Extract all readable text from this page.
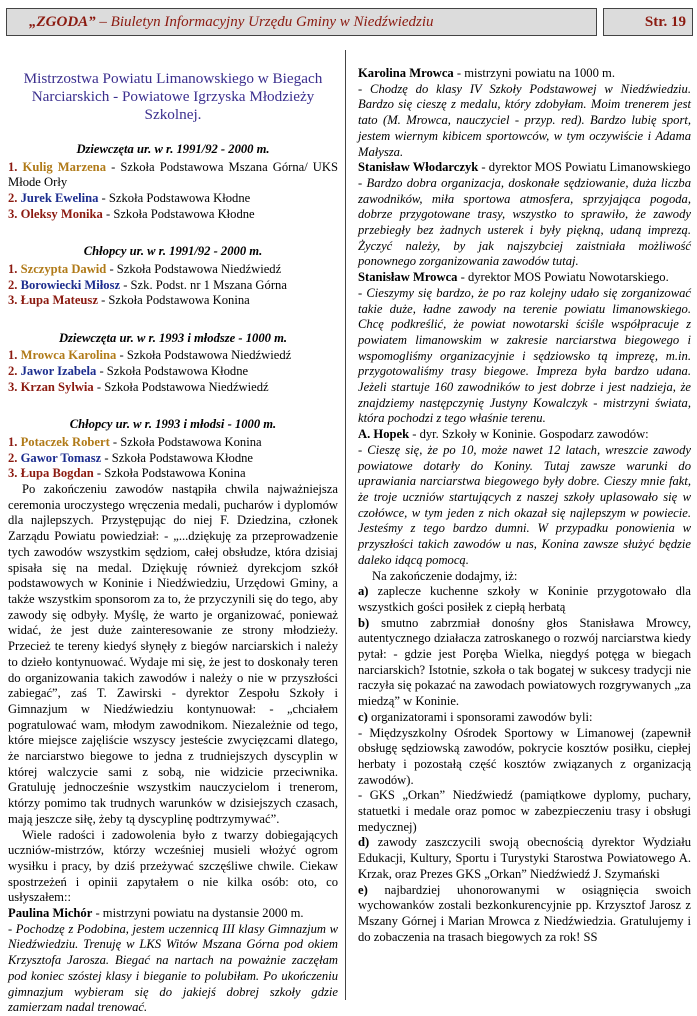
„ZGODA” – Biuletyn Informacyjny Urzędu Gminy w Niedźwiedziu	Str. 19
Mistrzostwa Powiatu Limanowskiego w Biegach Narciarskich - Powiatowe Igrzyska Młodzieży Szkolnej.
Dziewczęta ur. w r. 1991/92 - 2000 m.
1. Kulig Marzena - Szkoła Podstawowa Mszana Górna/ UKS Młode Orły
2. Jurek Ewelina - Szkoła Podstawowa Kłodne
3. Oleksy Monika - Szkoła Podstawowa Kłodne

Chłopcy ur. w r. 1991/92 - 2000 m.
1. Szczypta Dawid - Szkoła Podstawowa Niedźwiedź
2. Borowiecki Miłosz - Szk. Podst. nr 1 Mszana Górna
3. Łupa Mateusz - Szkoła Podstawowa Konina

Dziewczęta ur. w r. 1993 i młodsze - 1000 m.
1. Mrowca Karolina - Szkoła Podstawowa Niedźwiedź
2. Jawor Izabela - Szkoła Podstawowa Kłodne
3. Krzan Sylwia - Szkoła Podstawowa Niedźwiedź

Chłopcy ur. w r. 1993 i młodsi - 1000 m.
1. Potaczek Robert - Szkoła Podstawowa Konina
2. Gawor Tomasz - Szkoła Podstawowa Kłodne
3. Łupa Bogdan - Szkoła Podstawowa Konina

Po zakończeniu zawodów nastąpiła chwila najważniejsza ceremonia uroczystego wręczenia medali, pucharów i dyplomów dla najlepszych. Przystępując do niej F. Dziedzina, członek Zarządu Powiatu powiedział: - „...dziękuję za przeprowadzenie tych zawodów wszystkim sędziom, całej obsłudze, która dzisiaj spisała się na medal. Dziękuję również dyrekcjom szkół podstawowych w Koninie i Niedźwiedziu, Urzędowi Gminy, a także wszystkim sponsorom za to, że przyczynili się do tego, aby zawody się odbyły. Myślę, że warto je organizować, ponieważ widać, że jest duże zainteresowanie ze strony młodzieży. Przecież te tereny kiedyś słynęły z biegów narciarskich i należy to dzieło kontynuować. Wydaje mi się, że jest to doskonały teren do organizowania takich zawodów i należy o nie w przyszłości zabiegać”, zaś T. Zawirski - dyrektor Zespołu Szkoły i Gimnazjum w Niedźwiedziu kontynuował: - „chciałem pogratulować wam, młodym zawodnikom. Niezależnie od tego, które miejsce zajęliście wszyscy jesteście zwycięzcami dlatego, że narciarstwo biegowe to jedna z trudniejszych dyscyplin w której walczycie sami z sobą, nie widzicie przeciwnika. Gratuluję jednocześnie wszystkim nauczycielom i trenerom, którzy pomimo tak trudnych warunków w dzisiejszych czasach, mają jeszcze siłę, żeby tą dyscyplinę podtrzymywać”.

Wiele radości i zadowolenia było z twarzy dobiegających uczniów-mistrzów, którzy wcześniej musieli włożyć ogrom wysiłku i pracy, by dziś przeżywać szczęśliwe chwile. Ciekaw spostrzeżeń i opinii zapytałem o nie kilka osób: oto, co usłyszałem::

Paulina Michór - mistrzyni powiatu na dystansie 2000 m.

- Pochodzę z Podobina, jestem uczennicą III klasy Gimnazjum w Niedźwiedziu. Trenuję w LKS Witów Mszana Górna pod okiem Krzysztofa Jarosza. Biegać na nartach na poważnie zaczęłam pod koniec szóstej klasy i bieganie to polubiłam. Po ukończeniu gimnazjum wybieram się do jakiejś dobrej szkoły gdzie zamierzam nadal trenować.

Karolina Mrowca - mistrzyni powiatu na 1000 m.

- Chodzę do klasy IV Szkoły Podstawowej w Niedźwiedziu. Bardzo się cieszę z medalu, który zdobyłam. Moim trenerem jest tato (M. Mrowca, nauczyciel - przyp. red). Bardzo lubię sport, jestem wiernym kibicem sportowców, w tym oczywiście i Adama Małysza.

Stanisław Włodarczyk - dyrektor MOS Powiatu Limanowskiego

- Bardzo dobra organizacja, doskonałe sędziowanie, duża liczba zawodników, miła sportowa atmosfera, sprzyjająca pogoda, dobrze przygotowane trasy, wszystko to sprawiło, że zawody przebiegły bez żadnych usterek i były piękną, udaną imprezą. Życzyć należy, by jak najszybciej zaistniała możliwość ponownego zorganizowania zawodów tutaj.

Stanisław Mrowca - dyrektor MOS Powiatu Nowotarskiego.

- Cieszymy się bardzo, że po raz kolejny udało się zorganizować takie duże, ładne zawody na terenie powiatu limanowskiego. Chcę podkreślić, że powiat nowotarski ściśle współpracuje z powiatem limanowskim w zakresie narciarstwa biegowego i wspomogliśmy organizacyjnie i sędziowsko tą imprezę, m.in. przygotowaliśmy trasy biegowe. Impreza była bardzo udana. Jeżeli startuje 160 zawodników to jest dobrze i jest nadzieja, że znajdziemy następczynię Justyny Kowalczyk - mistrzyni świata, która pochodzi z tego właśnie terenu.

A. Hopek - dyr. Szkoły w Koninie. Gospodarz zawodów:

- Cieszę się, że po 10, może nawet 12 latach, wreszcie zawody powiatowe dotarły do Koniny. Tutaj zawsze warunki do uprawiania narciarstwa biegowego były dobre. Cieszy mnie fakt, że troje uczniów startujących z naszej szkoły uplasowało się w czołówce, w tym jeden z nich okazał się najlepszym w powiecie. Jesteśmy z tego bardzo dumni. W przypadku ponowienia w przyszłości takich zawodów u nas, Konina zawsze służyć będzie daleko idącą pomocą.

Na zakończenie dodajmy, iż:

a) zaplecze kuchenne szkoły w Koninie przygotowało dla wszystkich gości posiłek z ciepłą herbatą

b) smutno zabrzmiał donośny głos Stanisława Mrowcy, autentycznego działacza zatroskanego o rozwój narciarstwa kiedy pytał: - gdzie jest Poręba Wielka, niegdyś potęga w biegach narciarskich? Istotnie, szkoła o tak bogatej w sukcesy tradycji nie raczyła się pokazać na zawodach powiatowych rozgrywanych „za miedzą” w Koninie.

c) organizatorami i sponsorami zawodów byli:

- Międzyszkolny Ośrodek Sportowy w Limanowej (zapewnił obsługę sędziowską zawodów, pokrycie kosztów posiłku, ciepłej herbaty i pozostałą część kosztów związanych z organizacją zawodów).

- GKS „Orkan” Niedźwiedź (pamiątkowe dyplomy, puchary, statuetki i medale oraz pomoc w zabezpieczeniu trasy i obsługi medycznej)

d) zawody zaszczycili swoją obecnością dyrektor Wydziału Edukacji, Kultury, Sportu i Turystyki Starostwa Powiatowego A. Krzak, oraz Prezes GKS „Orkan” Niedźwiedź J. Szymański

e) najbardziej uhonorowanymi w osiągnięcia swoich wychowanków zostali bezkonkurencyjnie pp. Krzysztof Jarosz z Mszany Górnej i Marian Mrowca z Niedźwiedzia. Gratulujemy i do zobaczenia na trasach biegowych za rok! SS
